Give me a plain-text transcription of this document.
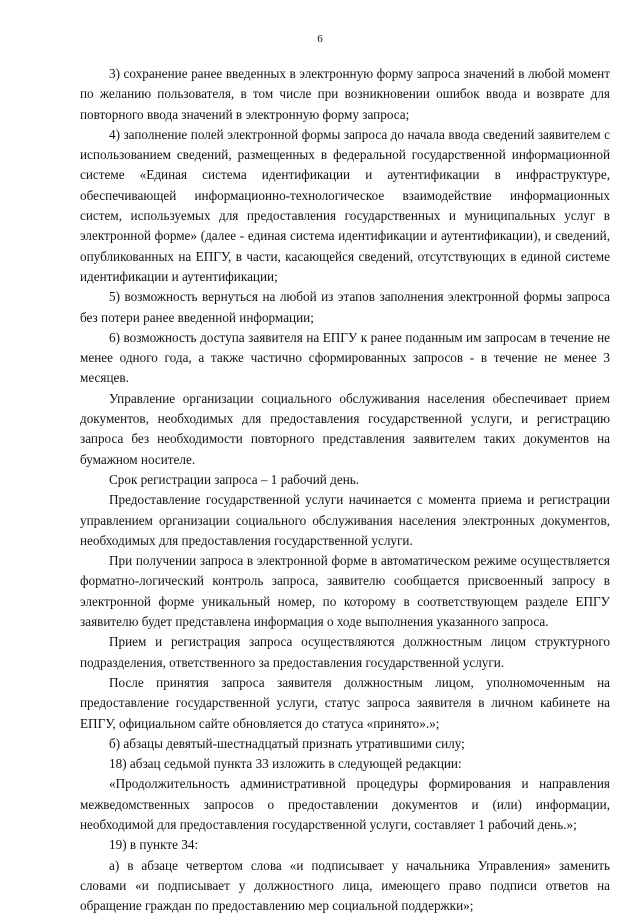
6

3) сохранение ранее введенных в электронную форму запроса значений в любой момент по желанию пользователя, в том числе при возникновении ошибок ввода и возврате для повторного ввода значений в электронную форму запроса;

4) заполнение полей электронной формы запроса до начала ввода сведений заявителем с использованием сведений, размещенных в федеральной государственной информационной системе «Единая система идентификации и аутентификации в инфраструктуре, обеспечивающей информационно-технологическое взаимодействие информационных систем, используемых для предоставления государственных и муниципальных услуг в электронной форме» (далее - единая система идентификации и аутентификации), и сведений, опубликованных на ЕПГУ, в части, касающейся сведений, отсутствующих в единой системе идентификации и аутентификации;

5) возможность вернуться на любой из этапов заполнения электронной формы запроса без потери ранее введенной информации;

6) возможность доступа заявителя на ЕПГУ к ранее поданным им запросам в течение не менее одного года, а также частично сформированных запросов - в течение не менее 3 месяцев.

Управление организации социального обслуживания населения обеспечивает прием документов, необходимых для предоставления государственной услуги, и регистрацию запроса без необходимости повторного представления заявителем таких документов на бумажном носителе.

Срок регистрации запроса – 1 рабочий день.

Предоставление государственной услуги начинается с момента приема и регистрации управлением организации социального обслуживания населения электронных документов, необходимых для предоставления государственной услуги.

При получении запроса в электронной форме в автоматическом режиме осуществляется форматно-логический контроль запроса, заявителю сообщается присвоенный запросу в электронной форме уникальный номер, по которому в соответствующем разделе ЕПГУ заявителю будет представлена информация о ходе выполнения указанного запроса.

Прием и регистрация запроса осуществляются должностным лицом структурного подразделения, ответственного за предоставления государственной услуги.

После принятия запроса заявителя должностным лицом, уполномоченным на предоставление государственной услуги, статус запроса заявителя в личном кабинете на ЕПГУ, официальном сайте обновляется до статуса «принято».»;

б) абзацы девятый-шестнадцатый признать утратившими силу;

18) абзац седьмой пункта 33 изложить в следующей редакции:

«Продолжительность административной процедуры формирования и направления межведомственных запросов о предоставлении документов и (или) информации, необходимой для предоставления государственной услуги, составляет 1 рабочий день.»;

19) в пункте 34:

а) в абзаце четвертом слова «и подписывает у начальника Управления» заменить словами «и подписывает у должностного лица, имеющего право подписи ответов на обращение граждан по предоставлению мер социальной поддержки»;
